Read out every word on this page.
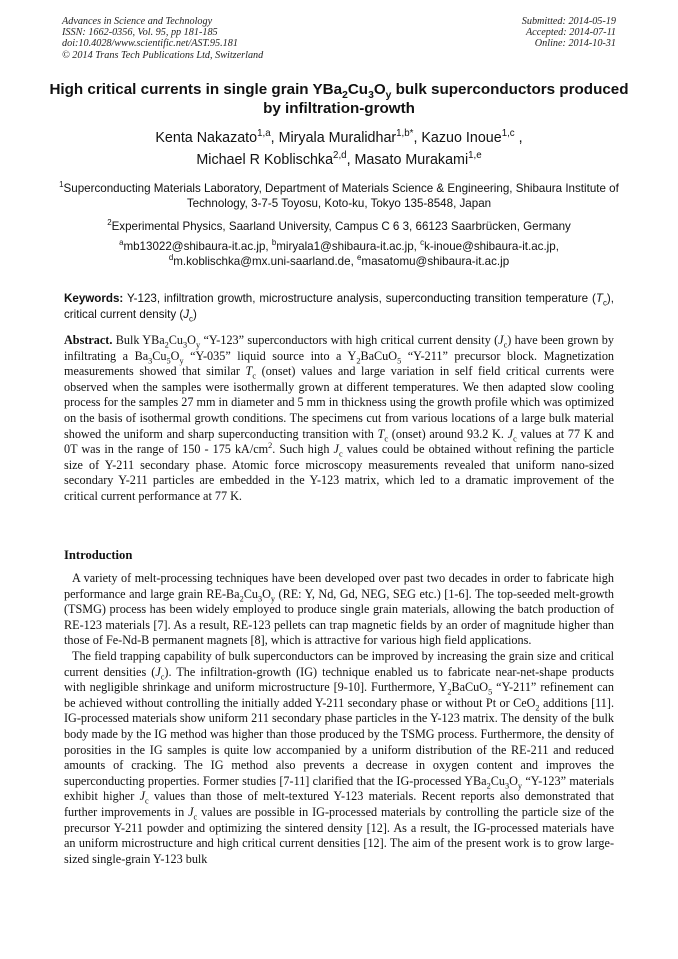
Advances in Science and Technology
ISSN: 1662-0356, Vol. 95, pp 181-185
doi:10.4028/www.scientific.net/AST.95.181
© 2014 Trans Tech Publications Ltd, Switzerland
Submitted: 2014-05-19
Accepted: 2014-07-11
Online: 2014-10-31
High critical currents in single grain $YBa_2Cu_3O_y$ bulk superconductors produced by infiltration-growth
Kenta Nakazato$^{1,a}$, Miryala Muralidhar$^{1,b*}$, Kazuo Inoue$^{1,c}$ ,
Michael R Koblischka$^{2,d}$, Masato Murakami$^{1,e}$
$^1$Superconducting Materials Laboratory, Department of Materials Science & Engineering, Shibaura Institute of Technology, 3-7-5 Toyosu, Koto-ku, Tokyo 135-8548, Japan
$^2$Experimental Physics, Saarland University, Campus C 6 3, 66123 Saarbrücken, Germany
$^a$mb13022@shibaura-it.ac.jp, $^b$miryala1@shibaura-it.ac.jp, $^c$k-inoue@shibaura-it.ac.jp,
$^d$m.koblischka@mx.uni-saarland.de, $^e$masatomu@shibaura-it.ac.jp
Keywords: Y-123, infiltration growth, microstructure analysis, superconducting transition temperature $(T_c)$, critical current density $(J_c)$
Abstract. Bulk $YBa_2Cu_3O_y$ “Y-123” superconductors with high critical current density $(J_c)$ have been grown by infiltrating a $Ba_3Cu_5O_y$ “Y-035” liquid source into a $Y_2BaCuO_5$ “Y-211” precursor block. Magnetization measurements showed that similar $T_c$ (onset) values and large variation in self field critical currents were observed when the samples were isothermally grown at different temperatures. We then adapted slow cooling process for the samples 27 mm in diameter and 5 mm in thickness using the growth profile which was optimized on the basis of isothermal growth conditions. The specimens cut from various locations of a large bulk material showed the uniform and sharp superconducting transition with $T_c$ (onset) around 93.2 K. $J_c$ values at 77 K and 0T was in the range of 150 - 175 $kA/cm^2$. Such high $J_c$ values could be obtained without refining the particle size of Y-211 secondary phase. Atomic force microscopy measurements revealed that uniform nano-sized secondary Y-211 particles are embedded in the Y-123 matrix, which led to a dramatic improvement of the critical current performance at 77 K.
Introduction

A variety of melt-processing techniques have been developed over past two decades in order to fabricate high performance and large grain $RE-Ba_2Cu_3O_y$ (RE: Y, Nd, Gd, NEG, SEG etc.) [1-6]. The top-seeded melt-growth (TSMG) process has been widely employed to produce single grain materials, allowing the batch production of RE-123 materials [7]. As a result, RE-123 pellets can trap magnetic fields by an order of magnitude higher than those of Fe-Nd-B permanent magnets [8], which is attractive for various high field applications.

The field trapping capability of bulk superconductors can be improved by increasing the grain size and critical current densities $(J_c)$. The infiltration-growth (IG) technique enabled us to fabricate near-net-shape products with negligible shrinkage and uniform microstructure [9-10]. Furthermore, $Y_2BaCuO_5$ “Y-211” refinement can be achieved without controlling the initially added Y-211 secondary phase or without Pt or CeO$_2$ additions [11]. IG-processed materials show uniform 211 secondary phase particles in the Y-123 matrix. The density of the bulk body made by the IG method was higher than those produced by the TSMG process. Furthermore, the density of porosities in the IG samples is quite low accompanied by a uniform distribution of the RE-211 and reduced amounts of cracking. The IG method also prevents a decrease in oxygen content and improves the superconducting properties. Former studies [7-11] clarified that the IG-processed $YBa_2Cu_3O_y$ “Y-123” materials exhibit higher $J_c$ values than those of melt-textured Y-123 materials. Recent reports also demonstrated that further improvements in $J_c$ values are possible in IG-processed materials by controlling the particle size of the precursor Y-211 powder and optimizing the sintered density [12]. As a result, the IG-processed materials have an uniform microstructure and high critical current densities [12]. The aim of the present work is to grow large-sized single-grain Y-123 bulk
